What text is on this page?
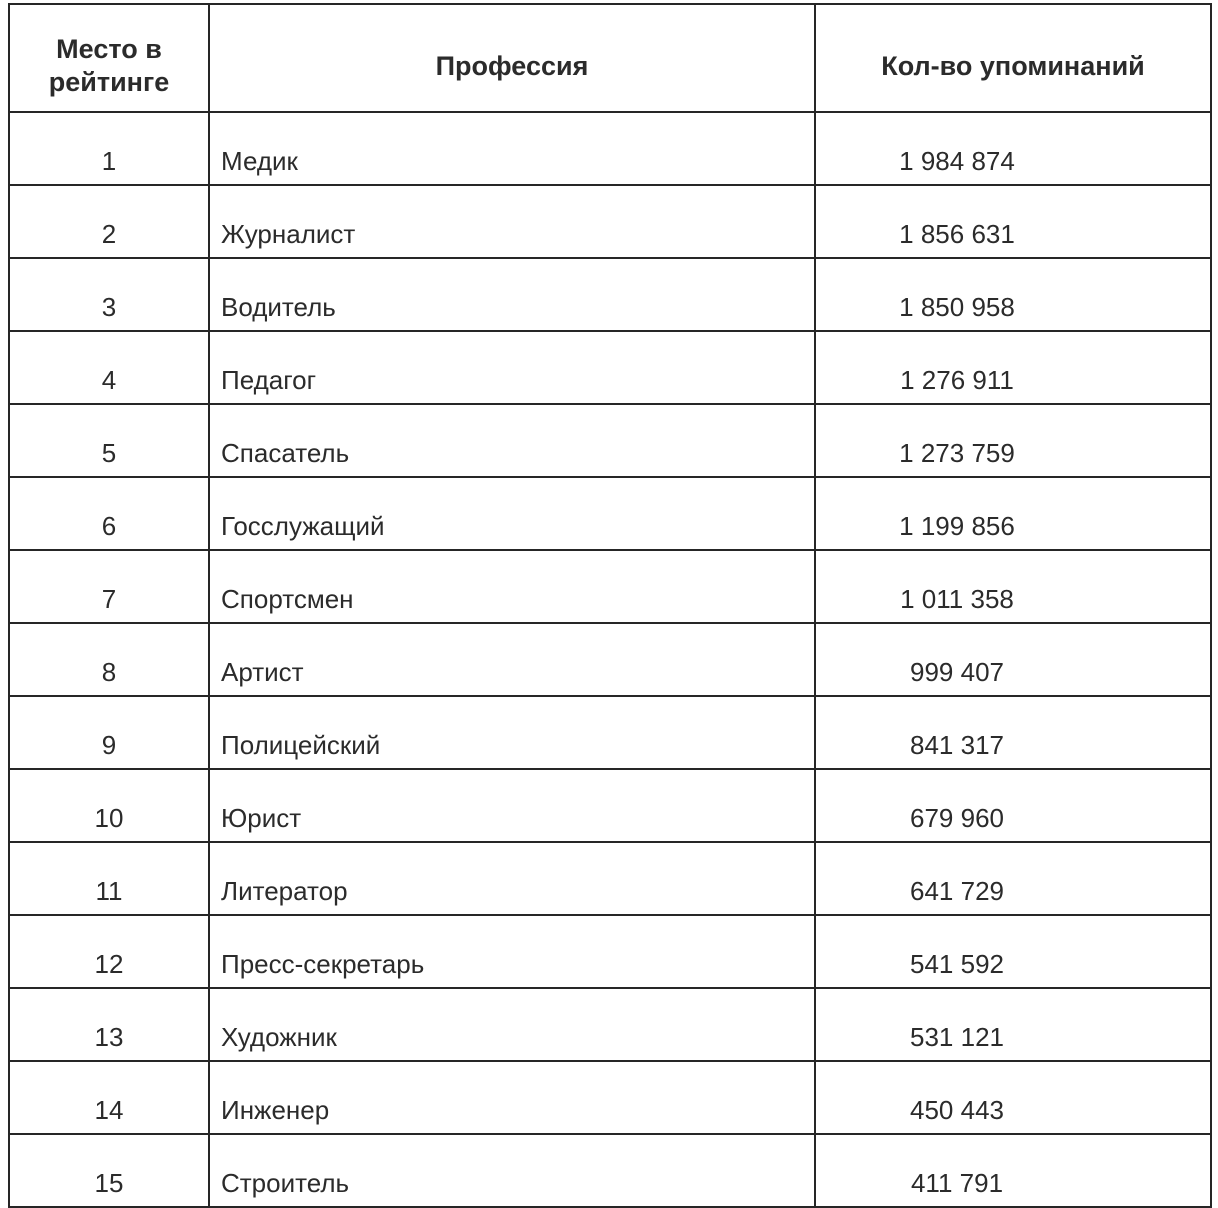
Место в рейтинге	Профессия	Кол-во упоминаний
1	Медик	1 984 874
2	Журналист	1 856 631
3	Водитель	1 850 958
4	Педагог	1 276 911
5	Спасатель	1 273 759
6	Госслужащий	1 199 856
7	Спортсмен	1 011 358
8	Артист	999 407
9	Полицейский	841 317
10	Юрист	679 960
11	Литератор	641 729
12	Пресс-секретарь	541 592
13	Художник	531 121
14	Инженер	450 443
15	Строитель	411 791
